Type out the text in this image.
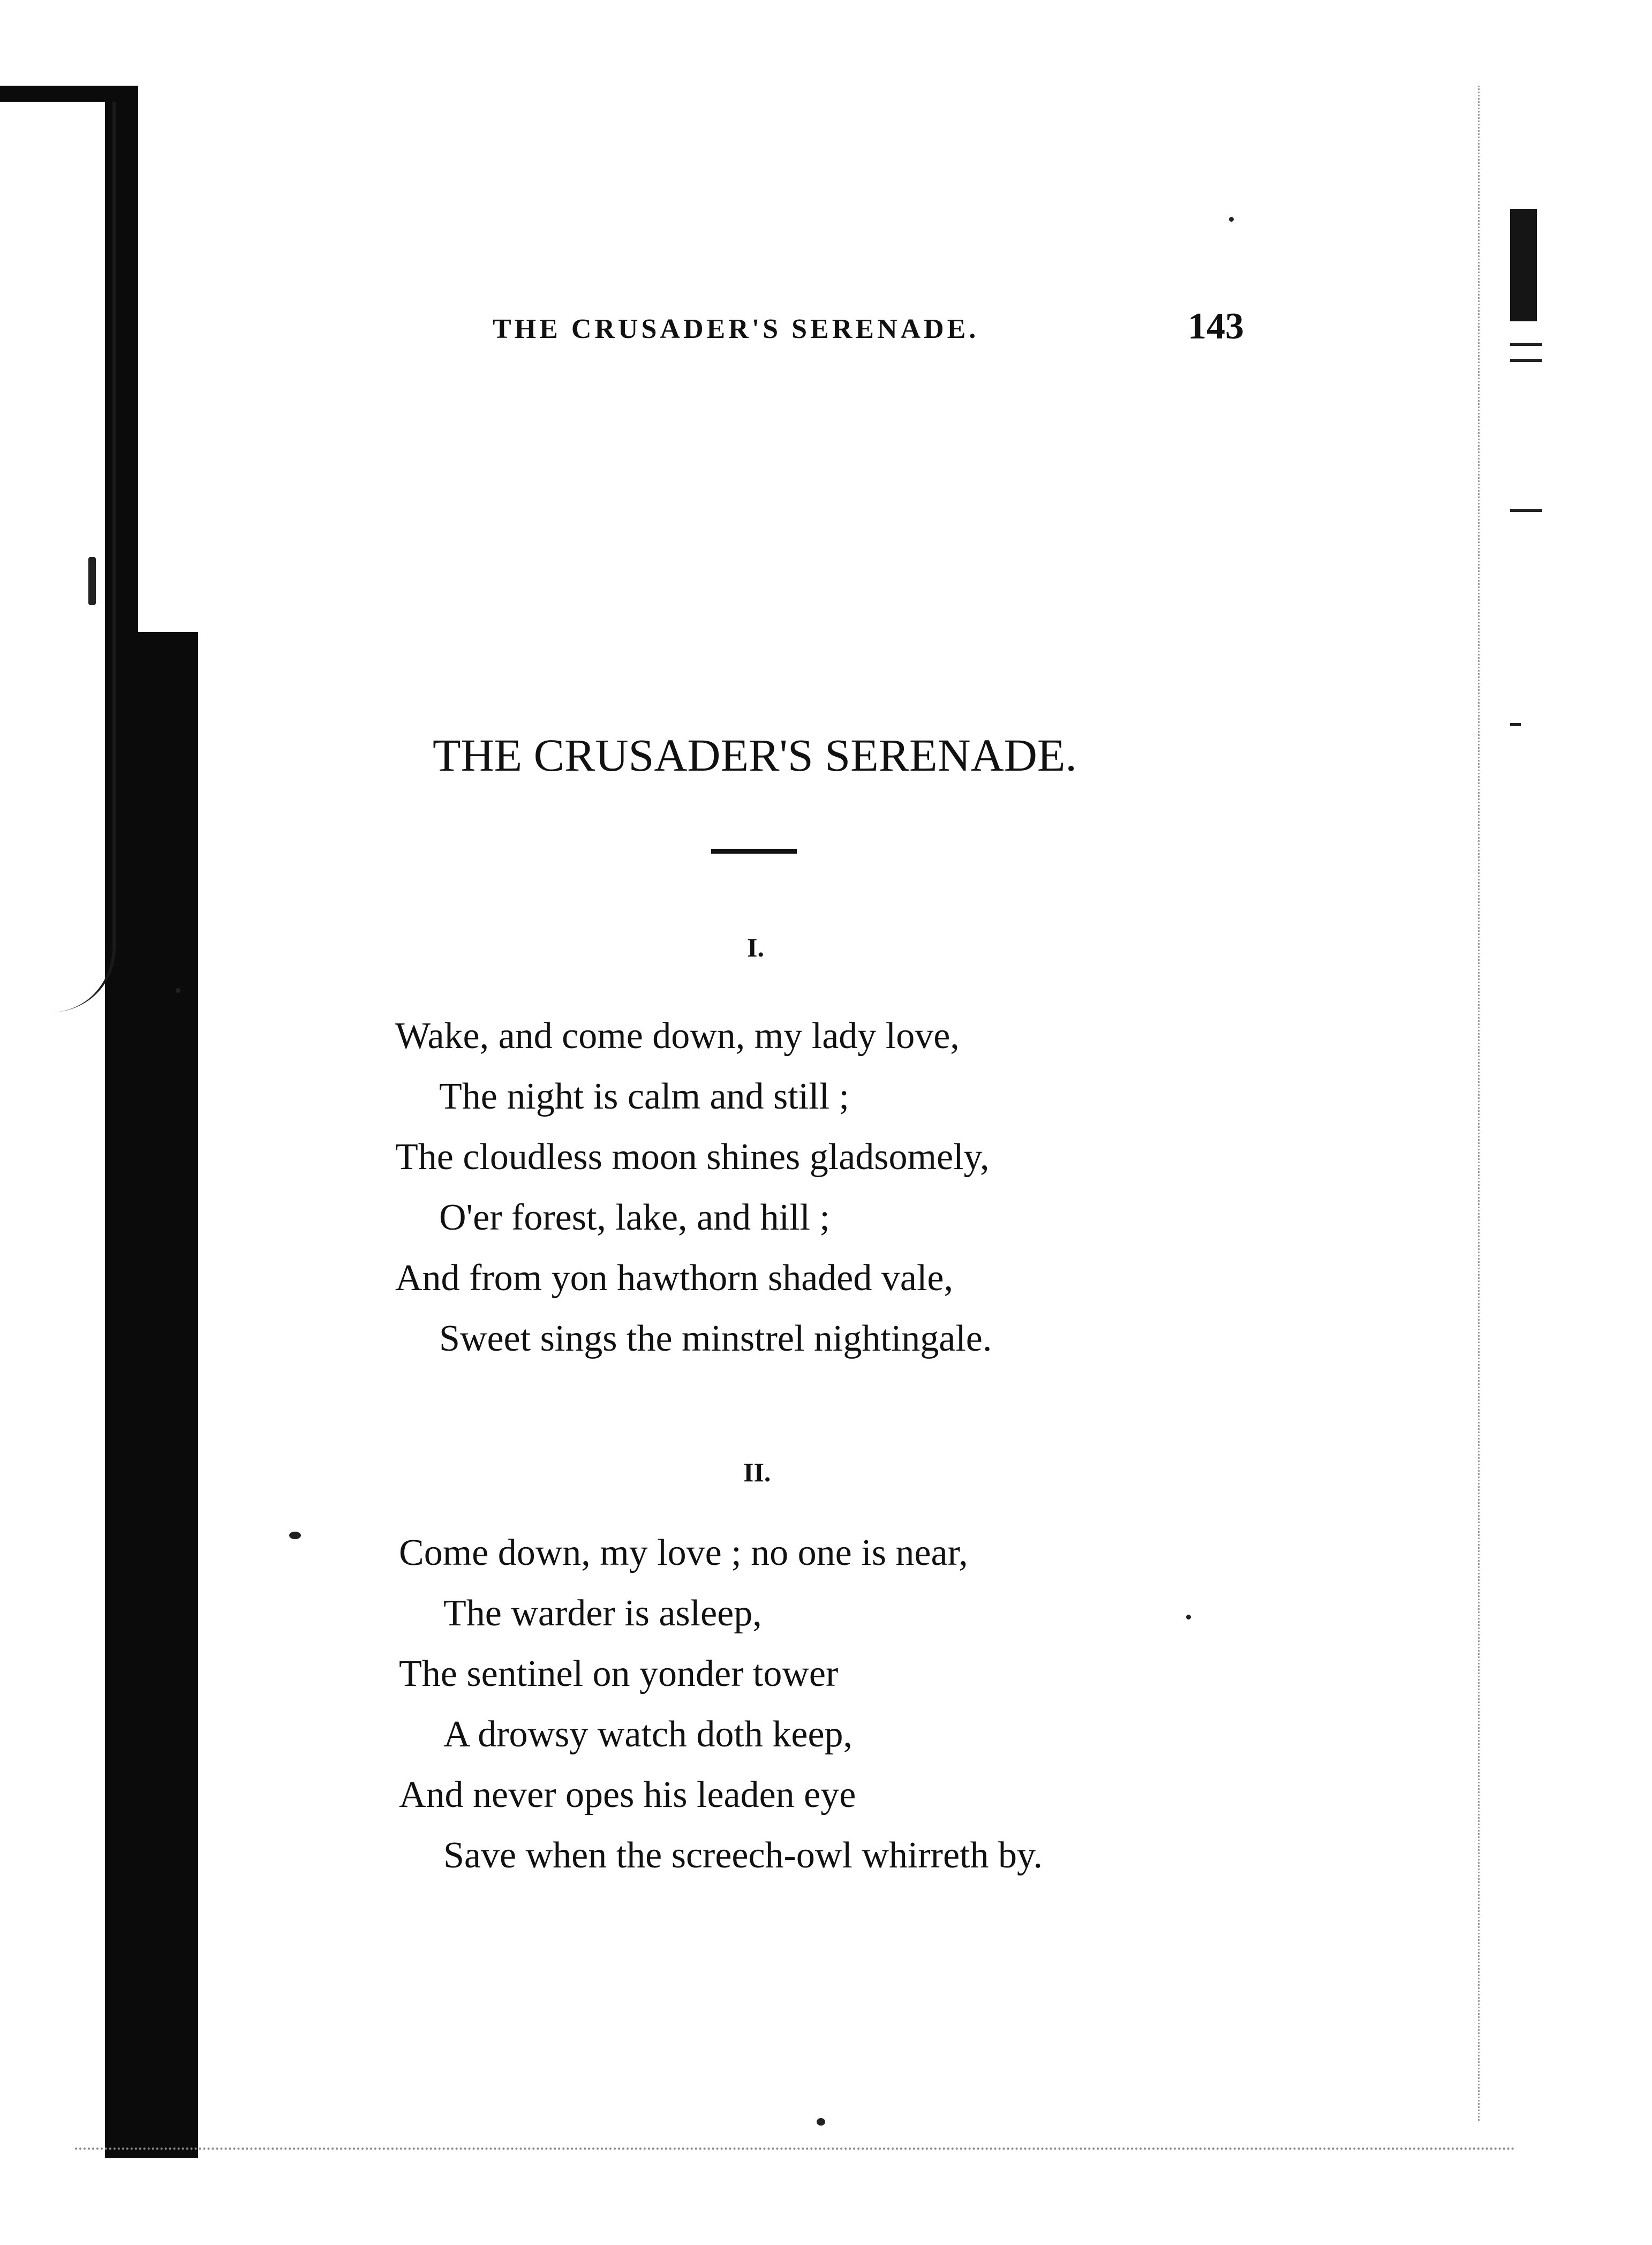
THE CRUSADER'S SERENADE.	143
THE CRUSADER'S SERENADE.
I.
Wake, and come down, my lady love,
The night is calm and still ;
The cloudless moon shines gladsomely,
O'er forest, lake, and hill ;
And from yon hawthorn shaded vale,
Sweet sings the minstrel nightingale.
II.
Come down, my love ; no one is near,
The warder is asleep,
The sentinel on yonder tower
A drowsy watch doth keep,
And never opes his leaden eye
Save when the screech-owl whirreth by.
